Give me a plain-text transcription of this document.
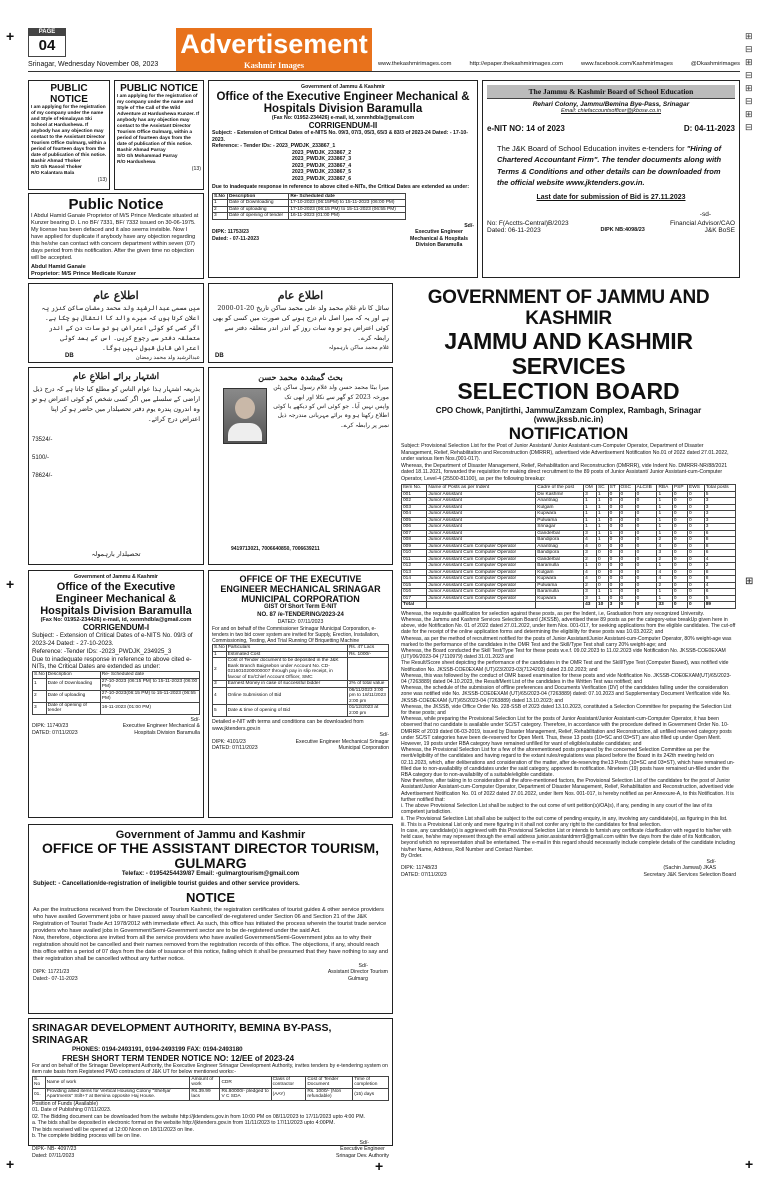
+
+
+	+
+
⊞
⊟
⊞
⊟
⊞
⊟
⊞
⊟
⊞
PAGE
04	Advertisement
Kashmir Images
Srinagar, Wednesday November 08, 2023	www.thekashmirimages.com	http://epaper.thekashmirimages.com	www.facebook.com/KashmirImages	@Dkashmirimages
PUBLIC NOTICE
I am applying for the registration of my company under the name and Style of Himalayan Ski School at Hardushewa. If anybody has any objection may contact to the Assistant Director Tourism Office Gulmarg, within a period of fourteen days from the date of publication of this notice.
Bashir Ahmad Thoker
S/O Gh Rasool Thoker
R/O Kalantara Bala
(13)
PUBLIC NOTICE
I am applying for the registration of my company under the name and Style of The Call of the Wild Adventure at Hardushewa Kunzer. If anybody has any objection may contact to the Assistant Director Tourism Office Gulmarg, within a period of fourteen days from the date of publication of this notice.
Bashir Ahmad Parray
S/O Gh Mohammad Parray
R/O Hardushewa
(13)
Public Notice
I Abdul Hamid Ganaie Proprietor of M/S Prince Medicate situated at Kunzer bearing D. L no BF/ 7331, BF/ 7332 issued on 30-06-1975. My license has been defaced and it also seems invisible. Now I have applied for duplicate if anybody have any objection regarding this he/she can contact with concern department within seven (07) days period from this notification. After the given time no objection will be accepted.
Abdul Hamid Ganaie
Proprietor: M/S Prince Medicate Kunzer
Government of Jammu & Kashmir
Office of the Executive Engineer Mechanical & Hospitals Division Baramulla
(Fax No: 01952-234426) e-mail, id, xenmhdbla@gmail.com
CORRIGENDUM-II
Subject: - Extension of Critical Dates of e-NITS No. 09/3, 07/3, 05/3, 65/3 & 83/3 of 2023-24 Dated: - 17-10-2023.
Reference: - Tender IDs: - 2023_PWDJK_233867_1
2023_PWDJK_233867_2
2023_PWDJK_233867_3
2023_PWDJK_233867_4
2023_PWDJK_233867_5
2023_PWDJK_233867_6
Due to inadequate response in reference to above cited e-NITs, the Critical Dates are extended as under:
S.No	Description	Re- Scheduled date
1	Date of Downloading	17-10-2023 (06:15PM) to 15-11-2023 (06:00 PM)
2	Date of uploading	17-10-2023 (06:15 PM) to 15-11-2023 (06:55 PM)
3	Date of opening of tender	16-11-2023 (01:00 PM)
Sd/-
DIPK: 11753/23
Dated: - 07-11-2023
Executive Engineer Mechanical & Hospitals Division Baramulla
The Jammu & Kashmir Board of School Education
Rehari Colony, Jammu/Bemina Bye-Pass, Srinagar
Email: chiefaccountsofficer@jkbose.co.in
e-NIT NO: 14 of 2023	D: 04-11-2023
The J&K Board of School Education invites e-tenders for "Hiring of Chartered Accountant Firm". The tender documents along with Terms & Conditions and other details can be downloaded from the official website www.jktenders.gov.in.
Last date for submission of Bid is 27.11.2023
-sd-
No: F(Acctts-Central)B/2023	Financial Advisor/CAO
Dated: 06-11-2023	DIPK NB:4098/23	J&K BoSE
اطلاع عام
میں مسمی عبدالرشید ولد محمد رمضان ساکن کنزر یہ اعلان کرتا ہوں کہ میرے والد کا انتقال ہو چکا ہے۔ اگر کسی کو کوئی اعتراض ہو تو سات دن کے اندر متعلقہ دفتر سے رجوع کریں۔ اس کے بعد کوئی اعتراض قابل قبول نہیں ہوگا۔
عبدالرشید ولد محمد رمضان
DB
اطلاع عام
سائل کا نام غلام محمد ولد علی محمد ساکن تاریخ 20-01-2000 ہے اور یہ کہ میرا اصل نام درج ہونے کی صورت میں کسی کو بھی کوئی اعتراض ہو تو وہ سات روز کے اندر اندر متعلقہ دفتر سے رابطہ کرے۔
غلام محمد ساکن بارہمولہ
DB
اشتہار برائے اطلاعِ عام
بذریعہ اشتہار ہذا عوام الناس کو مطلع کیا جاتا ہے کہ درج ذیل اراضی کے سلسلے میں اگر کسی شخص کو کوئی اعتراض ہو تو وہ اندرون پندرہ یوم دفتر تحصیلدار میں حاضر ہو کر اپنا اعتراض درج کرائے۔
73524/-
5100/-
78624/-
تحصیلدار بارہمولہ
بحث گمشدہ محمد حسن
میرا بیٹا محمد حسن ولد غلام رسول ساکن پٹن مورخہ 2023 کو گھر سے نکلا اور ابھی تک واپس نہیں آیا۔ جو کوئی اس کو دیکھے یا کوئی اطلاع رکھتا ہو وہ برائے مہربانی مندرجہ ذیل نمبر پر رابطہ کرے۔
9419713021, 7006640850, 7006639211
Government of Jammu & Kashmir
Office of the Executive Engineer Mechanical & Hospitals Division Baramulla
(Fax No: 01952-234426) e-mail, id, xenmhdbla@gmail.com
CORRIGENDUM-I
Subject: - Extension of Critical Dates of e-NITS No. 09/3 of 2023-24 Dated: - 27-10-2023.
Reference: -Tender IDs: -2023_PWDJK_234925_3
Due to inadequate response in reference to above cited e-NITs, the Critical Dates are extended as under:
S.No	Description	Re- Scheduled date
1	Date of Downloading	27-10-2023 (06:15 PM) to 15-11-2023 (06:00 PM)
2	Date of uploading	27-10-2023(06:15 PM) to 15-11-2023 (06:55 PM)
3	Date of opening of tender	16-11-2023 (01:00 PM)
Sd/-
DIPK: 11740/23
DATED: 07/11/2023
Executive Engineer Mechanical & Hospitals Division Baramulla
OFFICE OF THE EXECUTIVE
ENGINEER MECHANICAL SRINAGAR
MUNICIPAL CORPORATION
GIST Of Short Term E-NIT
NO. 87 /e-TENDERING/2023-24
DATED: 07/11/2023
For and on behalf of the Commissioner Srinagar Municipal Corporation, e-tenders in two bid cover system are invited for Supply, Erection, Installation, Commissioning, Testing, And Trial Running Of Briquetting Machine
S.No	Particulars	Rs. 47 Lacs
1	Estimated Cost	Rs. 1000/-
2	Cost of Tender document to be deposited in the J&K Bank Branch Baigsebon under Account No. CD-0216010200000007 through pay in slip receipt, in favour of Ex/Chief Account Officer, SMC	
3	Earnest Money in case of successful bidder	2% of total value
4	Online Submission of Bid	06/11/2023 3:00 pm to 18/11/2023 2:00 pm
5	Date & time of opening of Bid	01/12/2023 at 2:00 pm
Detailed e-NIT with terms and conditions can be downloaded from www.jktenders.gov.in
Sd/-
DIPK: 4101/23
DATED: 07/11/2023
Executive Engineer Mechanical Srinagar Municipal Corporation
Government of Jammu and Kashmir
OFFICE OF THE ASSISTANT DIRECTOR TOURISM, GULMARG
Telefax: - 01954254439/87 Email: -gulmargtourism@gmail.com
Subject: - Cancellation/de-registration of ineligible tourist guides and other service providers.
NOTICE
As per the instructions received from the Directorate of Tourism Kashmir, the registration certificates of tourist guides & other service providers who have availed Government jobs or have passed away shall be cancelled/ de-registered under Section 06 and Section 21 of the J&K Registration of Tourist Trade Act 1978/2012 with immediate effect. As such, this office has initiated the process wherein the tourist trade service providers who have availed jobs in Government/Semi-Government sector are to be de-registered under the said Act.
Now, therefore, objections are invited from all the service providers who have availed Government/Semi-Government jobs as to why their registration should not be cancelled and their names removed from the registration records of this office. The objections, if any, should reach this office within a period of 07 days from the date of issuance of this notice, failing which it shall be presumed that they have nothing to say and their registration shall be cancelled without any further notice.
Sd/-
DIPK: 11721/23
Dated:- 07-11-2023
Assistant Director Tourism
Gulmarg
SRINAGAR DEVELOPMENT AUTHORITY, BEMINA BY-PASS, SRINAGAR
PHONES: 0194-2493191, 0194-2493199 FAX: 0194-2493180
FRESH SHORT TERM TENDER NOTICE NO: 12/EE of 2023-24
For and on behalf of the Srinagar Development Authority, the Executive Engineer Srinagar Development Authority, invites tenders by e-tendering system on item rate basis from Registered PWD contractors of J&K UT for below mentioned works:-
S. No	Name of work	Amount of work	CDR	Class of contractor	Cost of Tender Document	Time of completion
01.	Providing allied items for Vertical Housing Colony "Shehjar Apartments" Stilt+7 at Bemina opposite Haj House.	Rs.39.99 lacs	Rs.80000/- pledged to V C SDA	(AAY)	Rs. 1000/- (Non refundable)	(15) days
Position of Funds (Available)
01. Date of Publishing 07/11/2023.
02. The Bidding document can be downloaded from the website http://jktenders.gov.in from 10:00 PM on 08/11/2023 to 17/11/2023 upto 4:00 PM.
a. The bids shall be deposited in electronic format on the website http://jktenders.gov.in from 11/11/2023 to 17/11/2023 upto 4:00PM.
The bids received will be opened at 12:00 Noon on 18/11/2023 on line.
b. The complete bidding process will be on line.
Sd/-
DIPK- NB- 4097/23
Dated: 07/11/2023
Executive Engineer
Srinagar Dev. Authority
GOVERNMENT OF JAMMU AND KASHMIR
JAMMU AND KASHMIR SERVICES
SELECTION BOARD
CPO Chowk, Panjtirthi, Jammu/Zamzam Complex, Rambagh, Srinagar
(www.jkssb.nic.in)
NOTIFICATION
Subject: Provisional Selection List for the Post of Junior Assistant/ Junior Assistant-cum-Computer Operator, Department of Disaster Management, Relief, Rehabilitation and Reconstruction (DMRRR), advertised vide Advertisement Notification No.01 of 2022 dated 27.01.2022, under various Item Nos.(001-017).
Whereas, the Department of Disaster Management, Relief, Rehabilitation and Reconstruction (DMRRR), vide Indent No. DMRRR-NR/88/2021 dated 18.11.2021, forwarded the requisition for making direct recruitment to the 89 posts of Junior Assistant/ Junior Assistant-cum-Computer Operator, Level-4 (25500-81100), as per the following breakup:
Item No.	Name of Posts as per Indent	Cadre of the post	OM	SC	ST	OSC	ALC/IB	RBA	PSP	EWS	Total posts
001	Junior Assistant	Div Kashmir	3	1	0	0	0	1	0	0	5
002	Junior Assistant	Anantnag	1	1	0	0	0	1	0	0	3
003	Junior Assistant	Kulgam	1	1	0	0	0	1	0	0	3
004	Junior Assistant	Kupwara	1	1	0	0	0	1	0	0	3
005	Junior Assistant	Pulwama	1	1	0	0	0	1	0	0	3
006	Junior Assistant	Srinagar	1	1	0	0	0	1	0	0	3
007	Junior Assistant	Ganderbal	3	1	1	0	0	1	0	0	6
008	Junior Assistant	Bandipora	4	1	0	0	0	2	0	0	8
009	Junior Assistant Cum Computer Operator	Anantnag	4	0	0	0	0	4	0	0	8
010	Junior Assistant Cum Computer Operator	Bandipora	3	0	0	0	0	3	0	0	6
011	Junior Assistant Cum Computer Operator	Ganderbal	2	0	0	0	0	2	0	0	4
012	Junior Assistant Cum Computer Operator	Baramulla	1	0	0	0	0	1	0	0	2
013	Junior Assistant Cum Computer Operator	Kulgam	4	0	0	0	0	4	0	0	8
014	Junior Assistant Cum Computer Operator	Kupwara	4	0	0	0	0	4	0	0	8
015	Junior Assistant Cum Computer Operator	Pulwama	2	0	0	0	0	2	0	0	4
016	Junior Assistant Cum Computer Operator	Baramulla	3	1	1	0	0	1	0	0	6
017	Junior Assistant Cum Computer Operator	Kupwara	3	1	0	0	0	1	0	0	5
Total			43	10	3	0	0	33	0	0	89
Whereas, the requisite qualification for selection against these posts, as per the Indent, i.e, Graduation from any recognized University.
Whereas, the Jammu and Kashmir Services Selection Board (JKSSB), advertised these 89 posts as per the category-wise breakUp given here in above, vide Notification No. 01 of 2022 dated 27.01.2022, under Item Nos. 001-017, for seeking applications from the eligible candidates. The cut-off date for the receipt of the online application forms and determining the eligibility for these posts was 10.03.2022; and
Whereas, as per the method of recruitment notified for the posts of Junior Assistant/Junior Assistant-cum-Computer Operator, 80% weight-age was marked to the performance of the candidates in the OMR Test and the Skill/Type Test shall carry 20% weight-age; and
Whereas, the Board conducted the Skill Test/Type Test for these posts w.e.f. 09.02.2023 to 11.02.2023 vide Notification No. JKSSB-COE0EXAM (UT)/06/2023-04 (7110979) dated 31.01.2023 and
The Result/Score sheet depicting the performance of the candidates in the OMR Test and the Skill/Type Test (Computer Based), was notified vide Notification No. JKSSB-COE0EXAM (UT)/23/2023-03(7124203) dated 23.02.2023; and
Whereas, this was followed by the conduct of OMR based examination for these posts and vide Notification No. JKSSB-COE0EXAM(UT)/65/2023-04 (7263889) dated 04.10.2023, the Result/Merit List of the candidates in the Written Test was notified; and
Whereas, the schedule of the submission of offline preferences and Documents Verification (DV) of the candidates falling under the consideration zone was notified vide No. JKSSB-COE0EXAM (UT)/65/2023-04 (7263889) dated: 07.10.2023 and Supplementary Document Verification vide No. JKSSB-COE0EXAM (UT)/65/2023-04 (7263889) dated 13.10.2023; and
Whereas, the JKSSB, vide Office Order No. 228-SSB of 2023 dated 13.10.2023, constituted a Selection Committee for preparing the Selection List for these posts; and
Whereas, while preparing the Provisional Selection List for the posts of Junior Assistant/Junior Assistant-cum-Computer Operator, it has been observed that no candidate is available under SC/ST category. Therefore, in accordance with the procedure defined in Government Order No. 10-DMRRR of 2019 dated 06-03-2019, issued by Disaster Management, Relief, Rehabilitation and Reconstruction, all unfilled reserved category posts under SC/ST categories have been de-reserved for Open Merit. Thus, these 13 posts (10=SC and 03=ST) are also filled up under Open Merit. However, 19 posts under RBA category have remained unfilled for want of eligible/suitable candidates; and
Whereas, the Provisional Selection List for a few of the aforementioned posts prepared by the concerned Selection Committee as per the merit/eligibility of the candidates and having regard to the extant rules/regulations was placed before the Board in its 242th meeting held on 02.11.2023, which, after deliberations and consideration of the matter, after de-reserving the13 Posts (10=SC and 03=ST), which have remained un-filled due to non-availability of candidates under the said category, approved its notification. Nineteen (19) posts have remained un-filled under the RBA category due to non-availability of a suitable/eligible candidate.
Now therefore, after taking in to consideration all the afore-mentioned factors, the Provisional Selection List of the candidates for the post of Junior Assistant/Junior Assistant-cum-Computer Operator, Department of Disaster Management, Relief, Rehabilitation and Reconstruction, advertised vide Advertisement Notification No. 01 of 2022 dated 27.01.2022, under Item Nos. 001-017, is hereby notified as per Annexure-A, to this Notification. It is further notified that:
i. The above Provisional Selection List shall be subject to the out come of writ petition(s)/OA(s), if any, pending in any court of the law of its competent jurisdiction.
ii. The Provisional Selection List shall also be subject to the out come of pending enquiry, in any, involving any candidate(s), as figuring in this list.
iii. This is a Provisional List only and mere figuring in it shall not confer any right to the candidates for final selection.
In case, any candidate(s) is aggrieved with this Provisional Selection List or intends to furnish any certificate /clarification with regard to his/her with held case, he/she may represent through the email address junior.assistantdmrrr9@gmail.com within five days from the date of its Notification, beyond which no representation shall be entertained. The e-mail in this regard should necessarily include complete details of the candidate including his/her Name, Address, Roll Number and Contact Number.
By Order.
Sd/-
DIPK: 11748/23
DATED: 07/11/2023
(Sachin Jamwal) JKAS
Secretary J&K Services Selection Board
